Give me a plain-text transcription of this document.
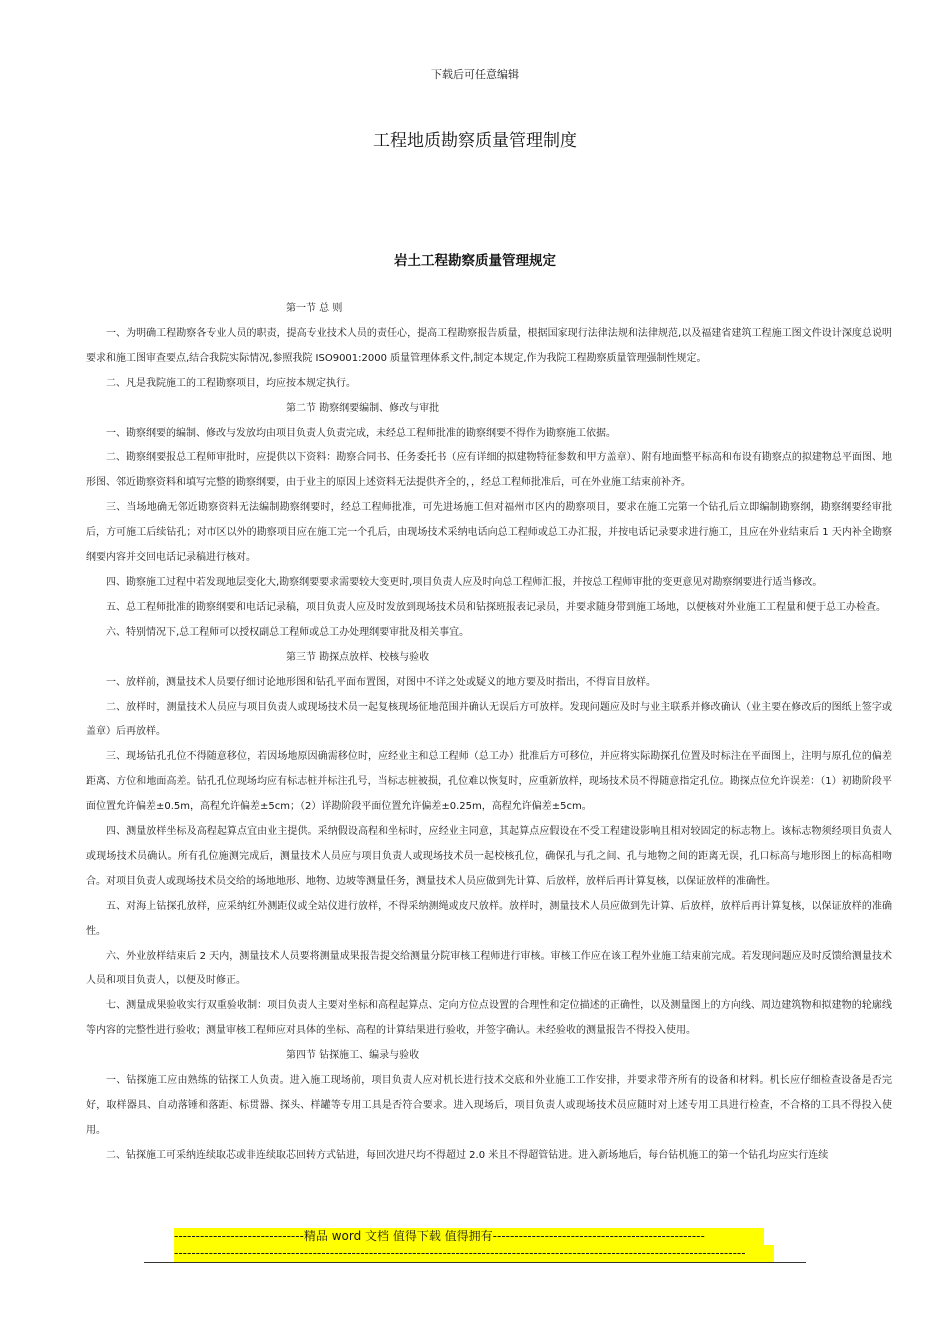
下载后可任意编辑
工程地质勘察质量管理制度
岩土工程勘察质量管理规定

第一节 总 则

一、为明确工程勘察各专业人员的职责，提高专业技术人员的责任心，提高工程勘察报告质量，根据国家现行法律法规和法律规范,以及福建省建筑工程施工图文件设计深度总说明要求和施工图审查要点,结合我院实际情况,参照我院 ISO9001:2000 质量管理体系文件,制定本规定,作为我院工程勘察质量管理强制性规定。

二、凡是我院施工的工程勘察项目，均应按本规定执行。

第二节 勘察纲要编制、修改与审批

一、勘察纲要的编制、修改与发放均由项目负责人负责完成，未经总工程师批准的勘察纲要不得作为勘察施工依据。

二、勘察纲要报总工程师审批时，应提供以下资料：勘察合同书、任务委托书（应有详细的拟建物特征参数和甲方盖章）、附有地面整平标高和布设有勘察点的拟建物总平面图、地形图、邻近勘察资料和填写完整的勘察纲要，由于业主的原因上述资料无法提供齐全的，，经总工程师批准后，可在外业施工结束前补齐。

三、当场地确无邻近勘察资料无法编制勘察纲要时，经总工程师批准，可先进场施工但对福州市区内的勘察项目，要求在施工完第一个钻孔后立即编制勘察纲，勘察纲要经审批后，方可施工后续钻孔；对市区以外的勘察项目应在施工完一个孔后，由现场技术采纳电话向总工程师或总工办汇报，并按电话记录要求进行施工，且应在外业结束后 1 天内补全勘察纲要内容并交回电话记录稿进行核对。

四、勘察施工过程中若发现地层变化大,勘察纲要要求需要较大变更时,项目负责人应及时向总工程师汇报，并按总工程师审批的变更意见对勘察纲要进行适当修改。

五、总工程师批准的勘察纲要和电话记录稿，项目负责人应及时发放到现场技术员和钻探班报表记录员，并要求随身带到施工场地，以便核对外业施工工程量和便于总工办检查。

六、特别情况下,总工程师可以授权副总工程师或总工办处理纲要审批及相关事宜。

第三节 勘探点放样、校核与验收

一、放样前，测量技术人员要仔细讨论地形图和钻孔平面布置图，对图中不详之处或疑义的地方要及时指出，不得盲目放样。

二、放样时，测量技术人员应与项目负责人或现场技术员一起复核现场征地范围并确认无误后方可放样。发现问题应及时与业主联系并修改确认（业主要在修改后的图纸上签字或盖章）后再放样。

三、现场钻孔孔位不得随意移位，若因场地原因确需移位时，应经业主和总工程师（总工办）批准后方可移位，并应将实际勘探孔位置及时标注在平面图上，注明与原孔位的偏差距离、方位和地面高差。钻孔孔位现场均应有标志桩并标注孔号，当标志桩被损，孔位难以恢复时，应重新放样，现场技术员不得随意指定孔位。勘探点位允许误差：（1）初勘阶段平面位置允许偏差±0.5m，高程允许偏差±5cm；（2）详勘阶段平面位置允许偏差±0.25m，高程允许偏差±5cm。

四、测量放样坐标及高程起算点宜由业主提供。采纳假设高程和坐标时，应经业主同意，其起算点应假设在不受工程建设影响且相对较固定的标志物上。该标志物须经项目负责人或现场技术员确认。所有孔位施测完成后，测量技术人员应与项目负责人或现场技术员一起校核孔位，确保孔与孔之间、孔与地物之间的距离无误，孔口标高与地形图上的标高相吻合。对项目负责人或现场技术员交给的场地地形、地物、边坡等测量任务，测量技术人员应做到先计算、后放样，放样后再计算复核，以保证放样的准确性。

五、对海上钻探孔放样，应采纳红外测距仪或全站仪进行放样，不得采纳测绳或皮尺放样。放样时，测量技术人员应做到先计算、后放样，放样后再计算复核，以保证放样的准确性。

六、外业放样结束后 2 天内，测量技术人员要将测量成果报告提交给测量分院审核工程师进行审核。审核工作应在该工程外业施工结束前完成。若发现问题应及时反馈给测量技术人员和项目负责人，以便及时修正。

七、测量成果验收实行双重验收制：项目负责人主要对坐标和高程起算点、定向方位点设置的合理性和定位描述的正确性，以及测量图上的方向线、周边建筑物和拟建物的轮廓线等内容的完整性进行验收；测量审核工程师应对具体的坐标、高程的计算结果进行验收，并签字确认。未经验收的测量报告不得投入使用。

第四节 钻探施工、编录与验收

一、钻探施工应由熟练的钻探工人负责。进入施工现场前，项目负责人应对机长进行技术交底和外业施工工作安排，并要求带齐所有的设备和材料。机长应仔细检查设备是否完好，取样器具、自动落锤和落距、标贯器、探头、样罐等专用工具是否符合要求。进入现场后，项目负责人或现场技术员应随时对上述专用工具进行检查，不合格的工具不得投入使用。

二、钻探施工可采纳连续取芯或非连续取芯回转方式钻进，每回次进尺均不得超过 2.0 米且不得超管钻进。进入新场地后，每台钻机施工的第一个钻孔均应实行连续

------------------------------精品 word 文档 值得下载 值得拥有-------------------------------------------------
------------------------------------------------------------------------------------------------------------------------------------
